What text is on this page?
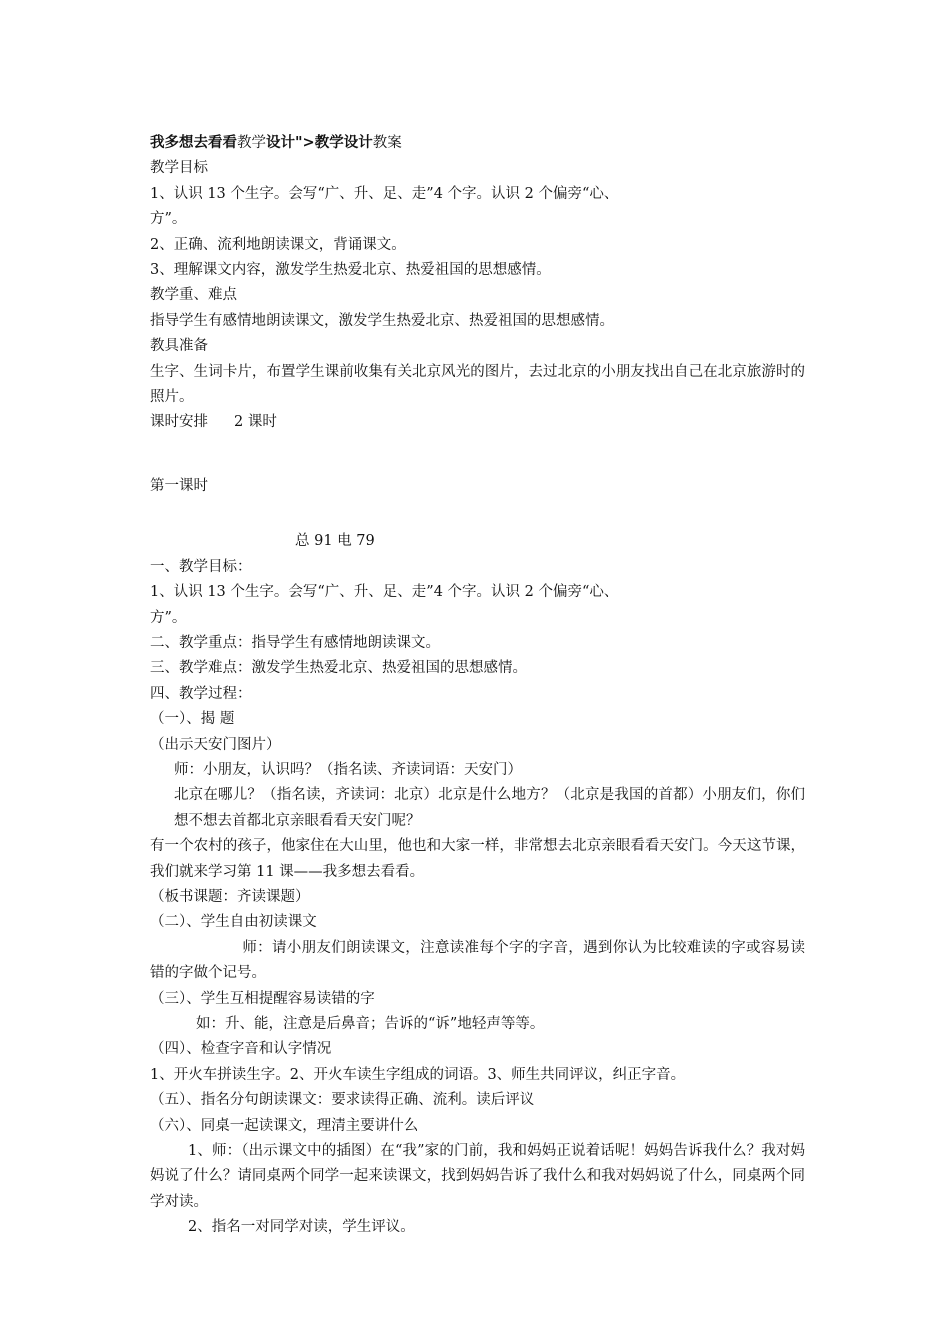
我多想去看看教学设计">教学设计教案

教学目标

1、认识 13 个生字。会写“广、升、足、走”4 个字。认识 2 个偏旁“心、

方”。

2、正确、流利地朗读课文，背诵课文。

3、理解课文内容，激发学生热爱北京、热爱祖国的思想感情。

教学重、难点

指导学生有感情地朗读课文，激发学生热爱北京、热爱祖国的思想感情。

教具准备

生字、生词卡片，布置学生课前收集有关北京风光的图片，去过北京的小朋友找出自己在北京旅游时的照片。

课时安排 2 课时

第一课时

总 91 电 79

一、教学目标：

1、认识 13 个生字。会写“广、升、足、走”4 个字。认识 2 个偏旁“心、

方”。

二、教学重点：指导学生有感情地朗读课文。

三、教学难点：激发学生热爱北京、热爱祖国的思想感情。

四、教学过程：

（一）、揭 题

（出示天安门图片）

师：小朋友，认识吗？（指名读、齐读词语：天安门）

北京在哪儿？（指名读，齐读词：北京）北京是什么地方？（北京是我国的首都）小朋友们，你们想不想去首都北京亲眼看看天安门呢？

有一个农村的孩子，他家住在大山里，他也和大家一样，非常想去北京亲眼看看天安门。今天这节课，我们就来学习第 11 课——我多想去看看。

（板书课题：齐读课题）

（二）、学生自由初读课文

师：请小朋友们朗读课文，注意读准每个字的字音，遇到你认为比较难读的字或容易读错的字做个记号。

（三）、学生互相提醒容易读错的字

如：升、能，注意是后鼻音；告诉的“诉”地轻声等等。

（四）、检查字音和认字情况

1、开火车拼读生字。2、开火车读生字组成的词语。3、师生共同评议，纠正字音。

（五）、指名分句朗读课文：要求读得正确、流利。读后评议

（六）、同桌一起读课文，理清主要讲什么

1、师：（出示课文中的插图）在“我”家的门前，我和妈妈正说着话呢！妈妈告诉我什么？我对妈妈说了什么？请同桌两个同学一起来读课文，找到妈妈告诉了我什么和我对妈妈说了什么，同桌两个同学对读。

2、指名一对同学对读，学生评议。
